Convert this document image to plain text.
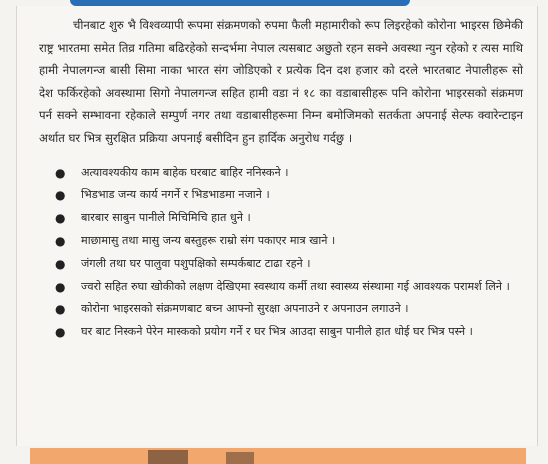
चीनबाट शुरु भै विश्वव्यापी रूपमा संक्रमणको रुपमा फैली महामारीको रूप लिइरहेको कोरोना भाइरस छिमेकी राष्ट्र भारतमा समेत तिव्र गतिमा बढिरहेको सन्दर्भमा नेपाल त्यसबाट अछुतो रहन सक्ने अवस्था न्युन रहेको र त्यस माथि हामी नेपालगन्ज बासी सिमा नाका भारत संग जोडिएको र प्रत्येक दिन दश हजार को दरले भारतबाट नेपालीहरू सो देश फर्किरहेको अवस्थामा सिगो नेपालगन्ज सहित हामी वडा नं १८ का वडाबासीहरू पनि कोरोना भाइरसको संक्रमण पर्न सक्ने सम्भावना रहेकाले सम्पुर्ण नगर तथा वडाबासीहरूमा निम्न बमोजिमको सतर्कता अपनाई सेल्फ क्वारेन्टाइन अर्थात घर भित्र सुरक्षित प्रक्रिया अपनाई बसीदिन हुन हार्दिक अनुरोध गर्दछु ।

● अत्यावश्यकीय काम बाहेक घरबाट बाहिर ननिस्कने ।
● भिडभाड जन्य कार्य नगर्ने र भिडभाडमा नजाने ।
● बारबार साबुन पानीले मिचिमिचि हात धुने ।
● माछामासु तथा मासु जन्य बस्तुहरू राम्रो संग पकाएर मात्र खाने ।
● जंगली तथा घर पालुवा पशुपक्षिको सम्पर्कबाट टाढा रहने ।
● ज्वरो सहित रुघा खोकीको लक्षण देखिएमा स्वस्थाय कर्मी तथा स्वास्थ्य संस्थामा गई आवश्यक परामर्श लिने ।
● कोरोना भाइरसको संक्रमणबाट बच्न आफ्नो सुरक्षा अपनाउने र अपनाउन लगाउने ।
● घर बाट निस्कने पेरेन मास्कको प्रयोग गर्ने र घर भित्र आउदा साबुन पानीले हात धोई घर भित्र पस्ने ।
